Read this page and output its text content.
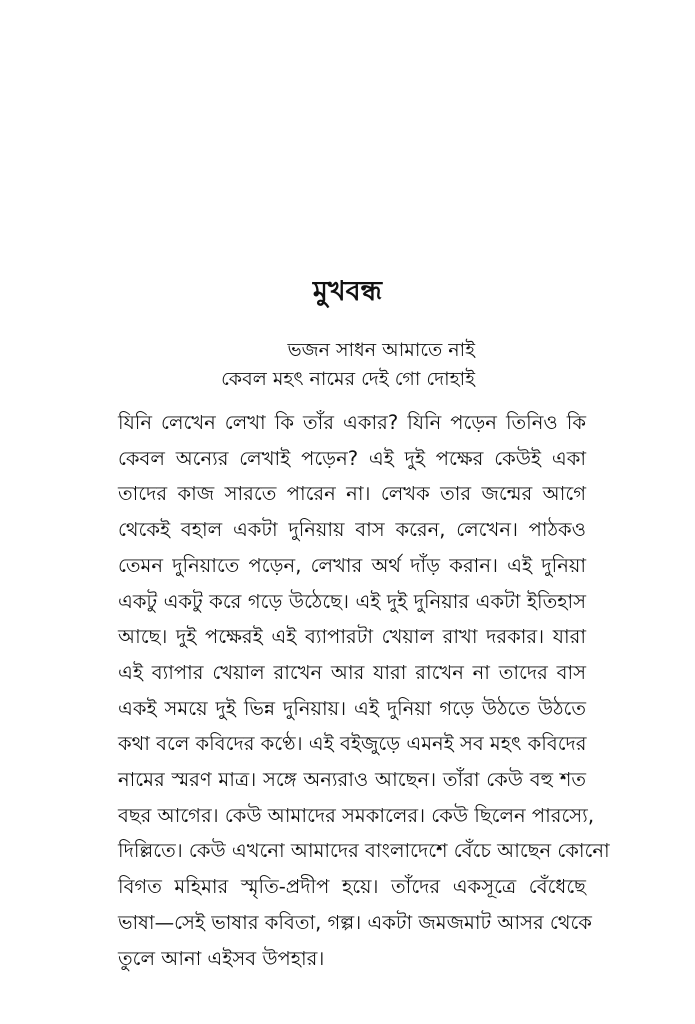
মুখবন্ধ
ভজন সাধন আমাতে নাই
কেবল মহৎ নামের দেই গো দোহাই
যিনি লেখেন লেখা কি তাঁর একার? যিনি পড়েন তিনিও কি
কেবল অন্যের লেখাই পড়েন? এই দুই পক্ষের কেউই একা
তাদের কাজ সারতে পারেন না। লেখক তার জন্মের আগে
থেকেই বহাল একটা দুনিয়ায় বাস করেন, লেখেন। পাঠকও
তেমন দুনিয়াতে পড়েন, লেখার অর্থ দাঁড় করান। এই দুনিয়া
একটু একটু করে গড়ে উঠেছে। এই দুই দুনিয়ার একটা ইতিহাস
আছে। দুই পক্ষেরই এই ব্যাপারটা খেয়াল রাখা দরকার। যারা
এই ব্যাপার খেয়াল রাখেন আর যারা রাখেন না তাদের বাস
একই সময়ে দুই ভিন্ন দুনিয়ায়। এই দুনিয়া গড়ে উঠতে উঠতে
কথা বলে কবিদের কণ্ঠে। এই বইজুড়ে এমনই সব মহৎ কবিদের
নামের স্মরণ মাত্র। সঙ্গে অন্যরাও আছেন। তাঁরা কেউ বহু শত
বছর আগের। কেউ আমাদের সমকালের। কেউ ছিলেন পারস্যে,
দিল্লিতে। কেউ এখনো আমাদের বাংলাদেশে বেঁচে আছেন কোনো
বিগত মহিমার স্মৃতি-প্রদীপ হয়ে। তাঁদের একসূত্রে বেঁধেছে
ভাষা—সেই ভাষার কবিতা, গল্প। একটা জমজমাট আসর থেকে
তুলে আনা এইসব উপহার।
